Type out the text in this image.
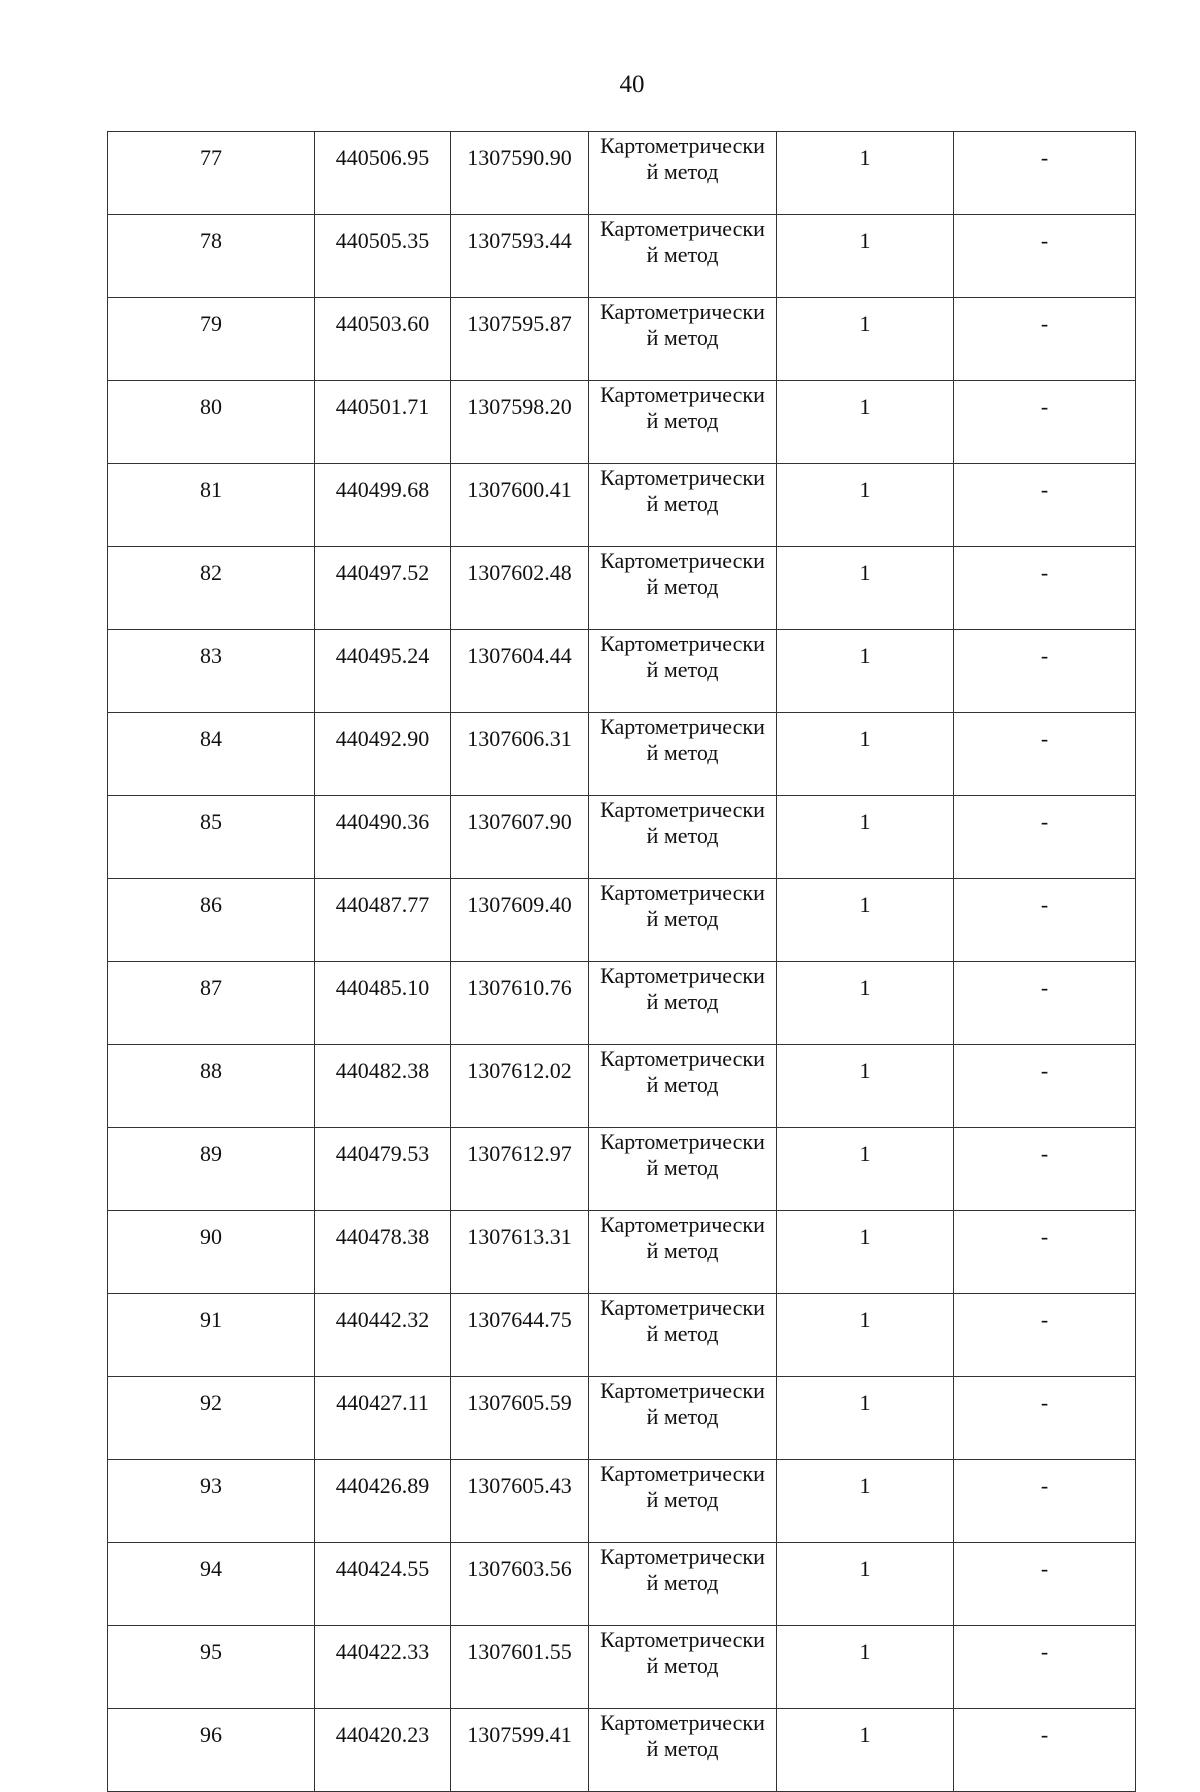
40
77	440506.95	1307590.90	Картометрически
й метод	1	-
78	440505.35	1307593.44	Картометрически
й метод	1	-
79	440503.60	1307595.87	Картометрически
й метод	1	-
80	440501.71	1307598.20	Картометрически
й метод	1	-
81	440499.68	1307600.41	Картометрически
й метод	1	-
82	440497.52	1307602.48	Картометрически
й метод	1	-
83	440495.24	1307604.44	Картометрически
й метод	1	-
84	440492.90	1307606.31	Картометрически
й метод	1	-
85	440490.36	1307607.90	Картометрически
й метод	1	-
86	440487.77	1307609.40	Картометрически
й метод	1	-
87	440485.10	1307610.76	Картометрически
й метод	1	-
88	440482.38	1307612.02	Картометрически
й метод	1	-
89	440479.53	1307612.97	Картометрически
й метод	1	-
90	440478.38	1307613.31	Картометрически
й метод	1	-
91	440442.32	1307644.75	Картометрически
й метод	1	-
92	440427.11	1307605.59	Картометрически
й метод	1	-
93	440426.89	1307605.43	Картометрически
й метод	1	-
94	440424.55	1307603.56	Картометрически
й метод	1	-
95	440422.33	1307601.55	Картометрически
й метод	1	-
96	440420.23	1307599.41	Картометрически
й метод	1	-
